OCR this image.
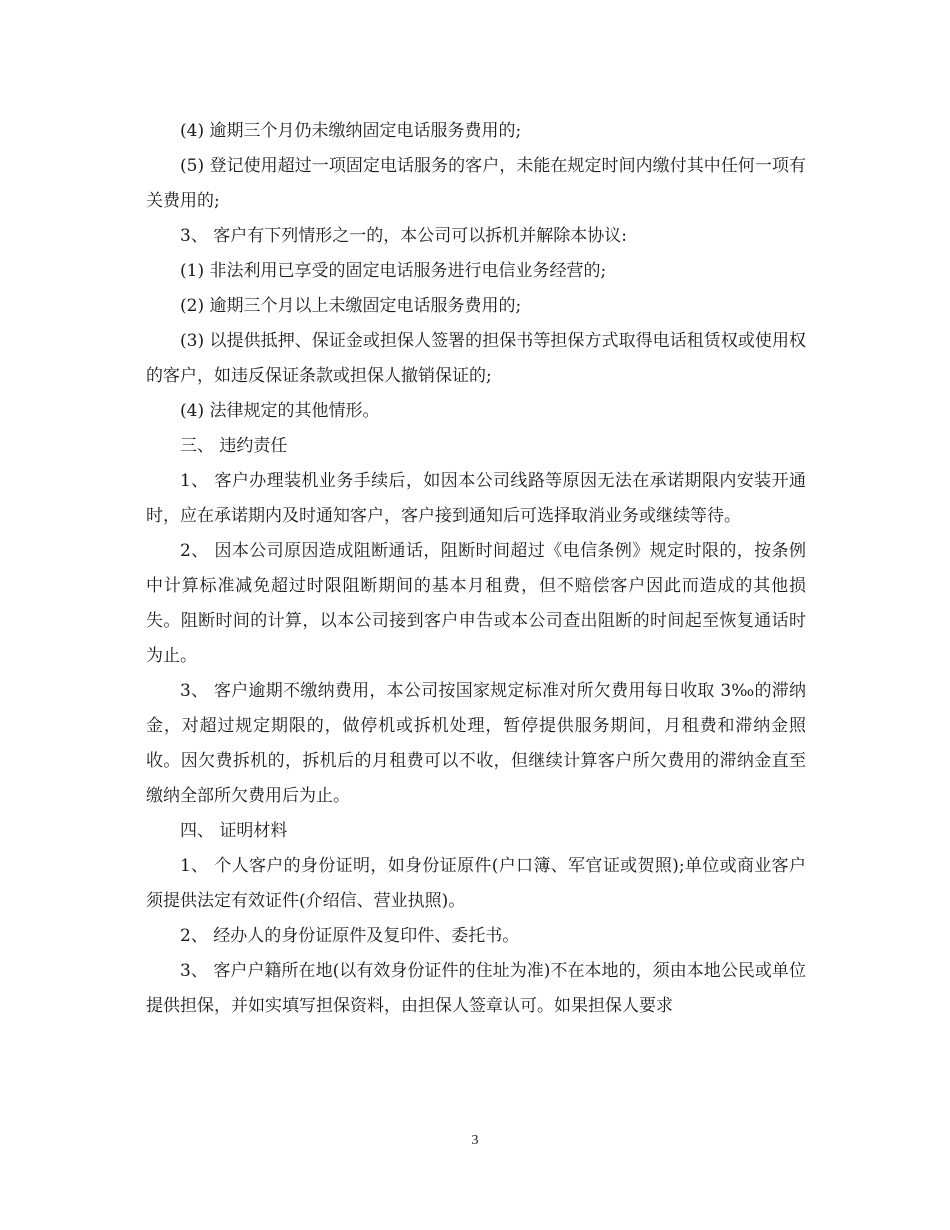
(4) 逾期三个月仍未缴纳固定电话服务费用的;

(5) 登记使用超过一项固定电话服务的客户，未能在规定时间内缴付其中任何一项有关费用的;

3、 客户有下列情形之一的，本公司可以拆机并解除本协议:

(1) 非法利用已享受的固定电话服务进行电信业务经营的;

(2) 逾期三个月以上未缴固定电话服务费用的;

(3) 以提供抵押、保证金或担保人签署的担保书等担保方式取得电话租赁权或使用权的客户，如违反保证条款或担保人撤销保证的;

(4) 法律规定的其他情形。

三、 违约责任

1、 客户办理装机业务手续后，如因本公司线路等原因无法在承诺期限内安装开通时，应在承诺期内及时通知客户，客户接到通知后可选择取消业务或继续等待。

2、 因本公司原因造成阻断通话，阻断时间超过《电信条例》规定时限的，按条例中计算标准减免超过时限阻断期间的基本月租费，但不赔偿客户因此而造成的其他损失。阻断时间的计算，以本公司接到客户申告或本公司查出阻断的时间起至恢复通话时为止。

3、 客户逾期不缴纳费用，本公司按国家规定标准对所欠费用每日收取 3‰的滞纳金，对超过规定期限的，做停机或拆机处理，暂停提供服务期间，月租费和滞纳金照收。因欠费拆机的，拆机后的月租费可以不收，但继续计算客户所欠费用的滞纳金直至缴纳全部所欠费用后为止。

四、 证明材料

1、 个人客户的身份证明，如身份证原件(户口簿、军官证或贺照);单位或商业客户须提供法定有效证件(介绍信、营业执照)。

2、 经办人的身份证原件及复印件、委托书。

3、 客户户籍所在地(以有效身份证件的住址为准)不在本地的，须由本地公民或单位提供担保，并如实填写担保资料，由担保人签章认可。如果担保人要求

3
